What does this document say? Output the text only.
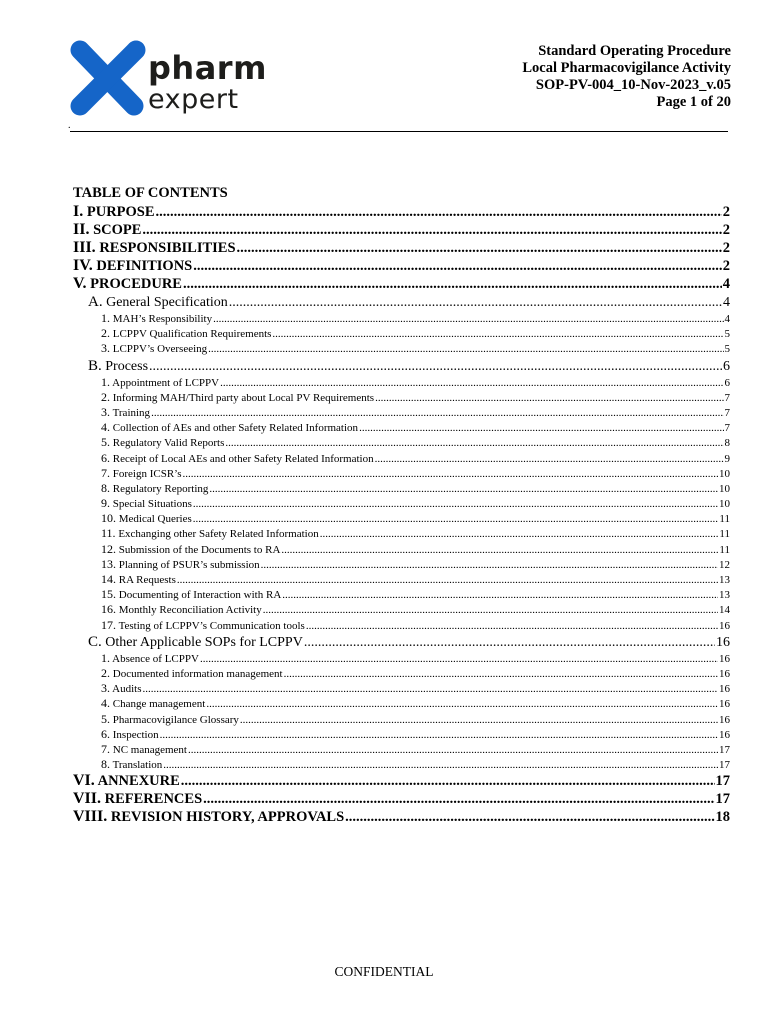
pharm
expert
Standard Operating Procedure
Local Pharmacovigilance Activity
SOP-PV-004_10-Nov-2023_v.05
Page 1 of 20
.
TABLE OF CONTENTS
I. PURPOSE .....	2
II. SCOPE .....	2
III. RESPONSIBILITIES .....	2
IV. DEFINITIONS .....	2
V. PROCEDURE .....	4
A. General Specification .....	4
1. MAH’s Responsibility .....	4
2. LCPPV Qualification Requirements .....	5
3. LCPPV’s Overseeing .....	5
B. Process .....	6
1. Appointment of LCPPV .....	6
2. Informing MAH/Third party about Local PV Requirements .....	7
3. Training .....	7
4. Collection of AEs and other Safety Related Information .....	7
5. Regulatory Valid Reports .....	8
6. Receipt of Local AEs and other Safety Related Information .....	9
7. Foreign ICSR’s .....	10
8. Regulatory Reporting .....	10
9. Special Situations .....	10
10. Medical Queries .....	11
11. Exchanging other Safety Related Information .....	11
12. Submission of the Documents to RA .....	11
13. Planning of PSUR’s submission .....	12
14. RA Requests .....	13
15. Documenting of Interaction with RA .....	13
16. Monthly Reconciliation Activity .....	14
17. Testing of LCPPV’s Communication tools .....	16
C. Other Applicable SOPs for LCPPV .....	16
1. Absence of LCPPV .....	16
2. Documented information management .....	16
3. Audits .....	16
4. Change management .....	16
5. Pharmacovigilance Glossary .....	16
6. Inspection .....	16
7. NC management .....	17
8. Translation .....	17
VI. ANNEXURE .....	17
VII. REFERENCES .....	17
VIII. REVISION HISTORY, APPROVALS .....	18
CONFIDENTIAL
